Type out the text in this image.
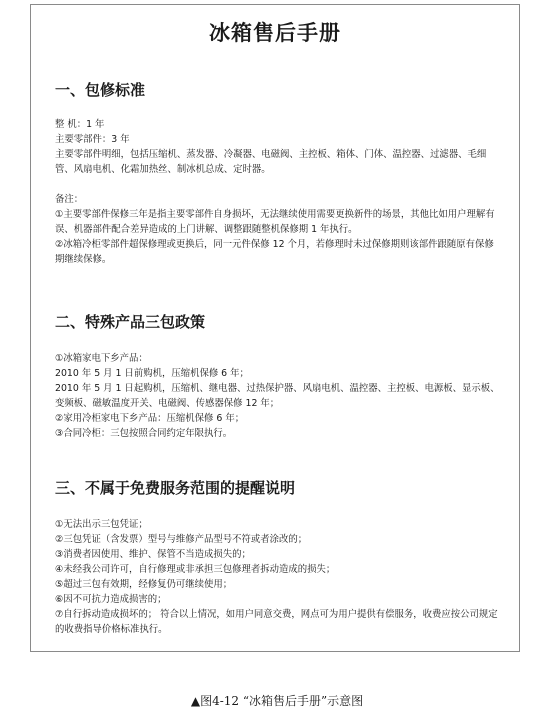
冰箱售后手册
一、包修标准
整 机：1 年
主要零部件：3 年
主要零部件明细，包括压缩机、蒸发器、冷凝器、电磁阀、主控板、箱体、门体、温控器、过滤器、毛细管、风扇电机、化霜加热丝、制冰机总成、定时器。
备注：
①主要零部件保修三年是指主要零部件自身损坏，无法继续使用需要更换新件的场景，其他比如用户理解有误、机器部件配合差异造成的上门讲解、调整跟随整机保修期 1 年执行。
②冰箱冷柜零部件超保修理或更换后，同一元件保修 12 个月，若修理时未过保修期则该部件跟随原有保修期继续保修。
二、特殊产品三包政策
①冰箱家电下乡产品：
2010 年 5 月 1 日前购机，压缩机保修 6 年；
2010 年 5 月 1 日起购机，压缩机、继电器、过热保护器、风扇电机、温控器、主控板、电源板、显示板、变频板、磁敏温度开关、电磁阀、传感器保修 12 年；
②家用冷柜家电下乡产品：压缩机保修 6 年；
③合同冷柜：三包按照合同约定年限执行。
三、不属于免费服务范围的提醒说明
①无法出示三包凭证；
②三包凭证（含发票）型号与维修产品型号不符或者涂改的；
③消费者因使用、维护、保管不当造成损失的；
④未经我公司许可，自行修理或非承担三包修理者拆动造成的损失；
⑤超过三包有效期，经修复仍可继续使用；
⑥因不可抗力造成损害的；
⑦自行拆动造成损坏的； 符合以上情况，如用户同意交费，网点可为用户提供有偿服务，收费应按公司规定的收费指导价格标准执行。
▲图4-12 “冰箱售后手册”示意图
